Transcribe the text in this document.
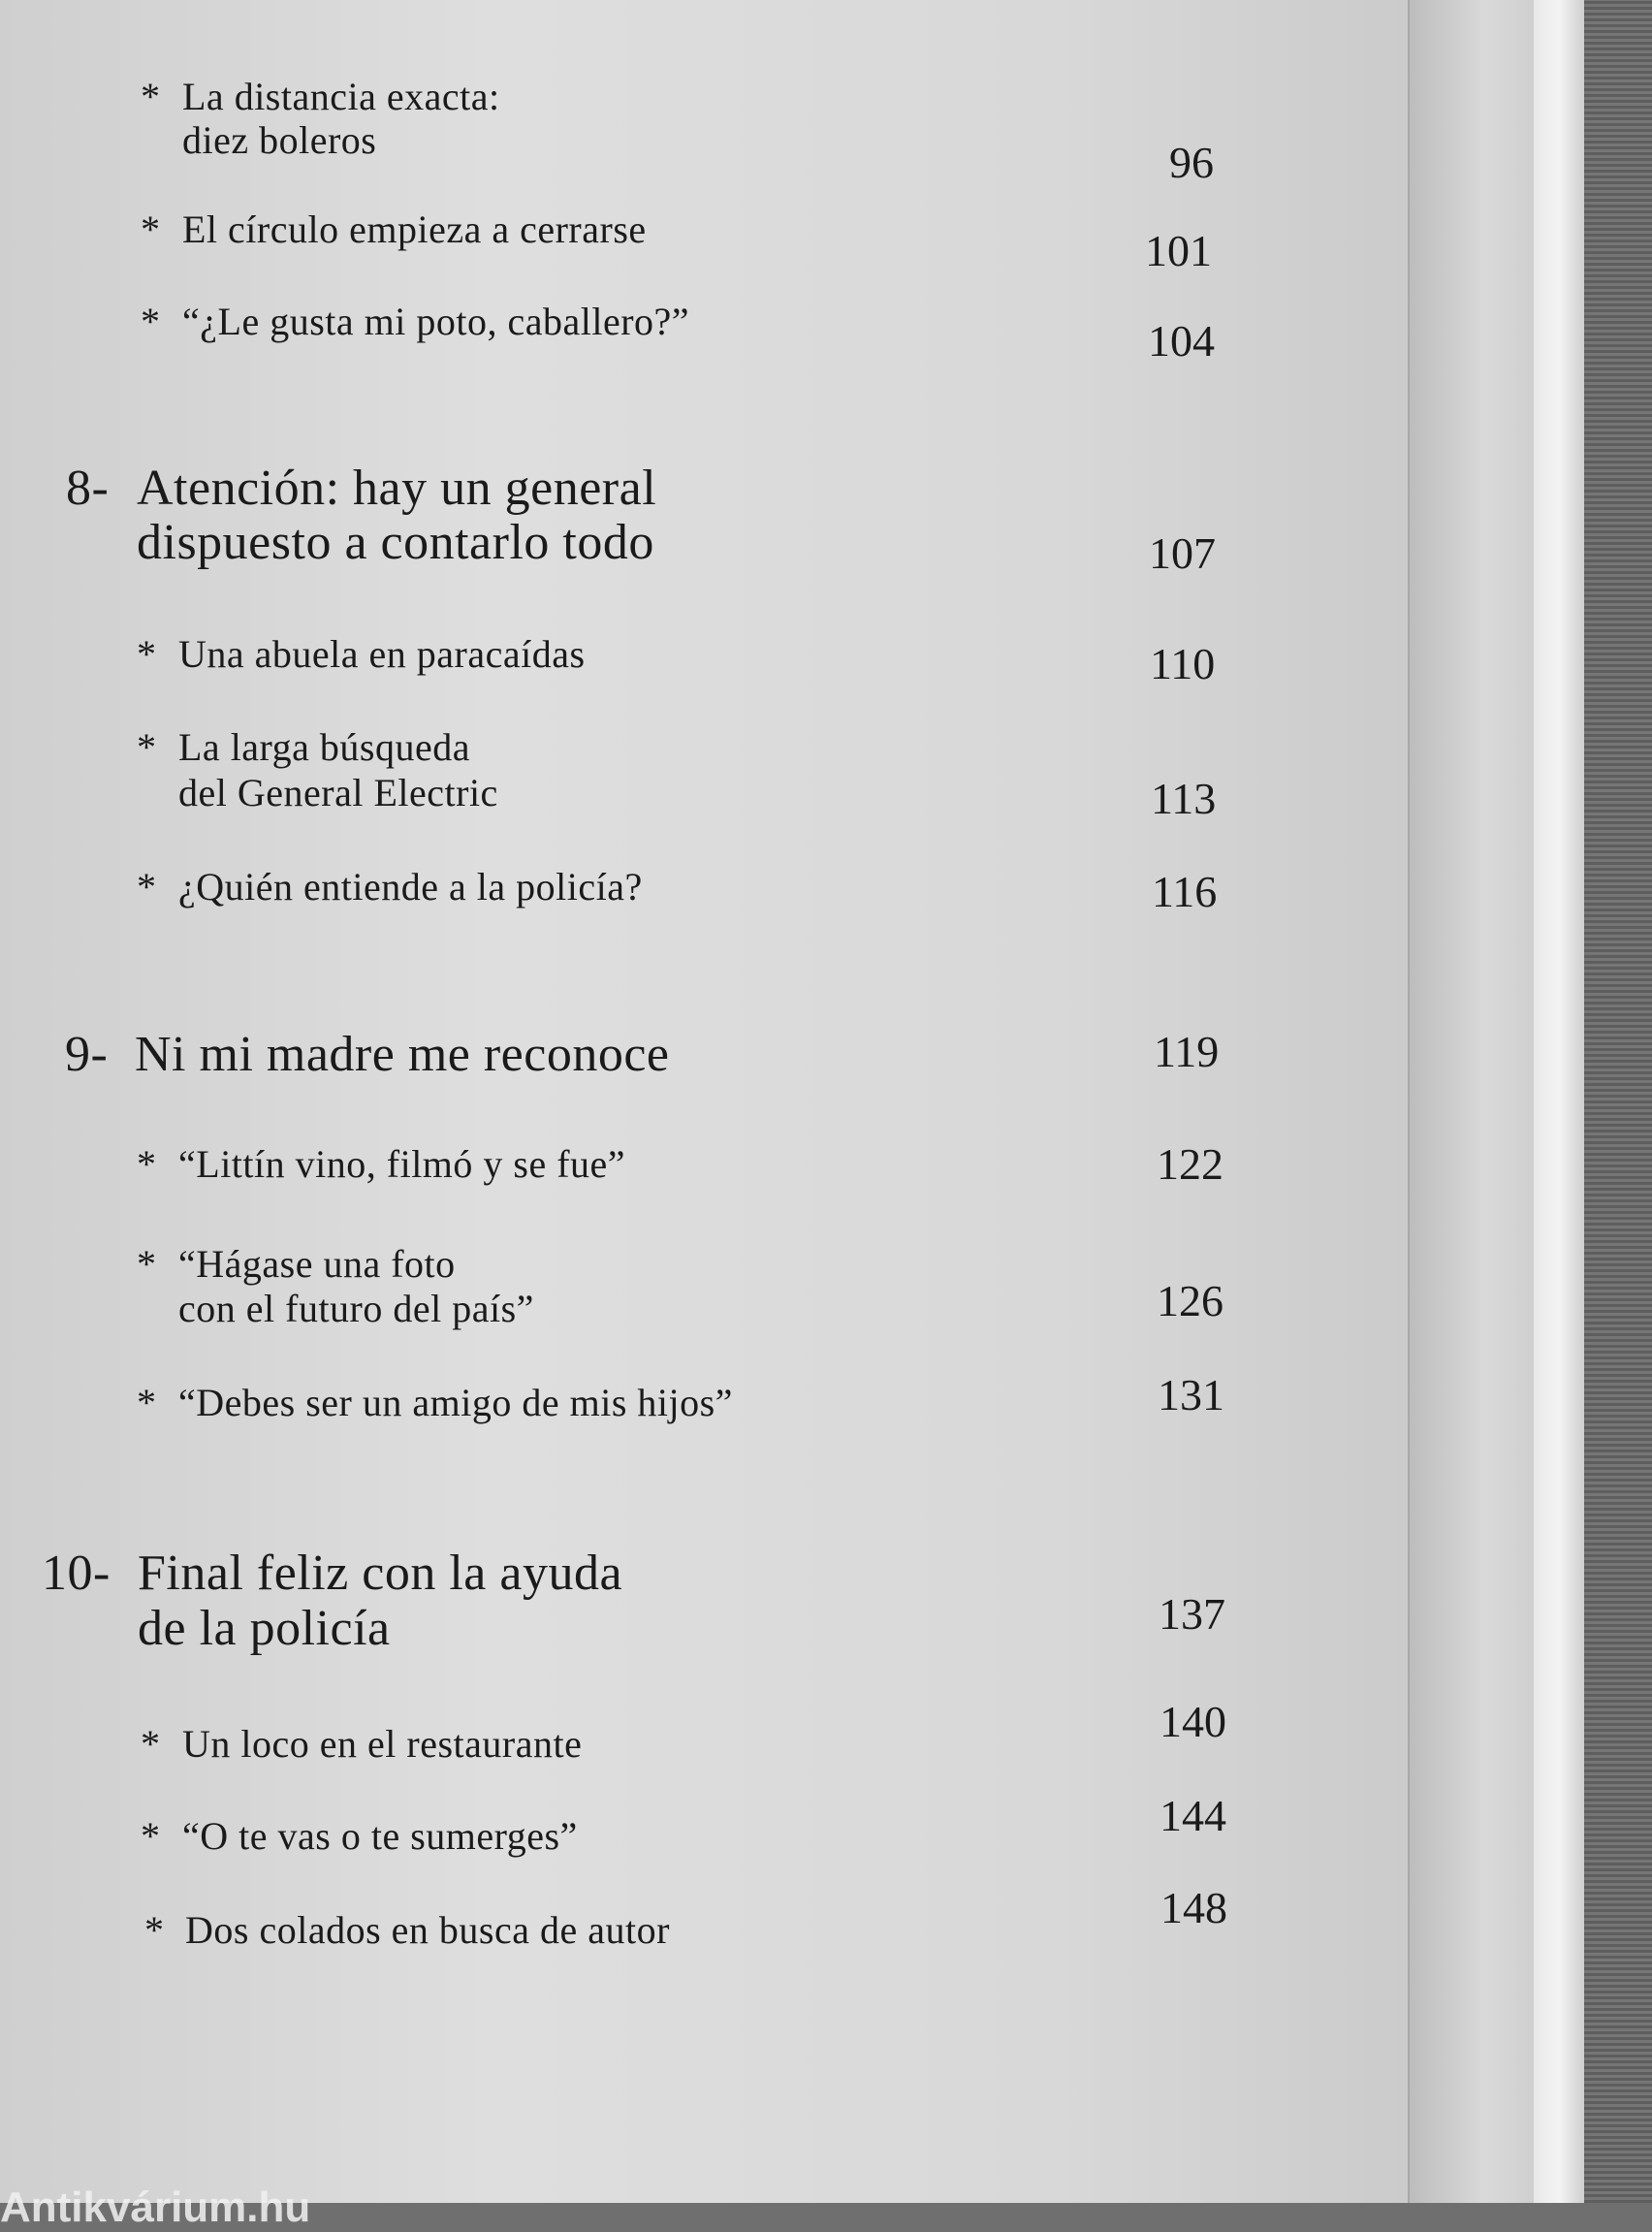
* La distancia exacta:
diez boleros	96
* El círculo empieza a cerrarse	101
* “¿Le gusta mi poto, caballero?”	104
8- Atención: hay un general
dispuesto a contarlo todo	107
* Una abuela en paracaídas	110
* La larga búsqueda
del General Electric	113
* ¿Quién entiende a la policía?	116
9- Ni mi madre me reconoce	119
* “Littín vino, filmó y se fue”	122
* “Hágase una foto
con el futuro del país”	126
* “Debes ser un amigo de mis hijos”	131
10- Final feliz con la ayuda
de la policía	137
* Un loco en el restaurante	140
* “O te vas o te sumerges”	144
* Dos colados en busca de autor	148
Antikvárium.hu
